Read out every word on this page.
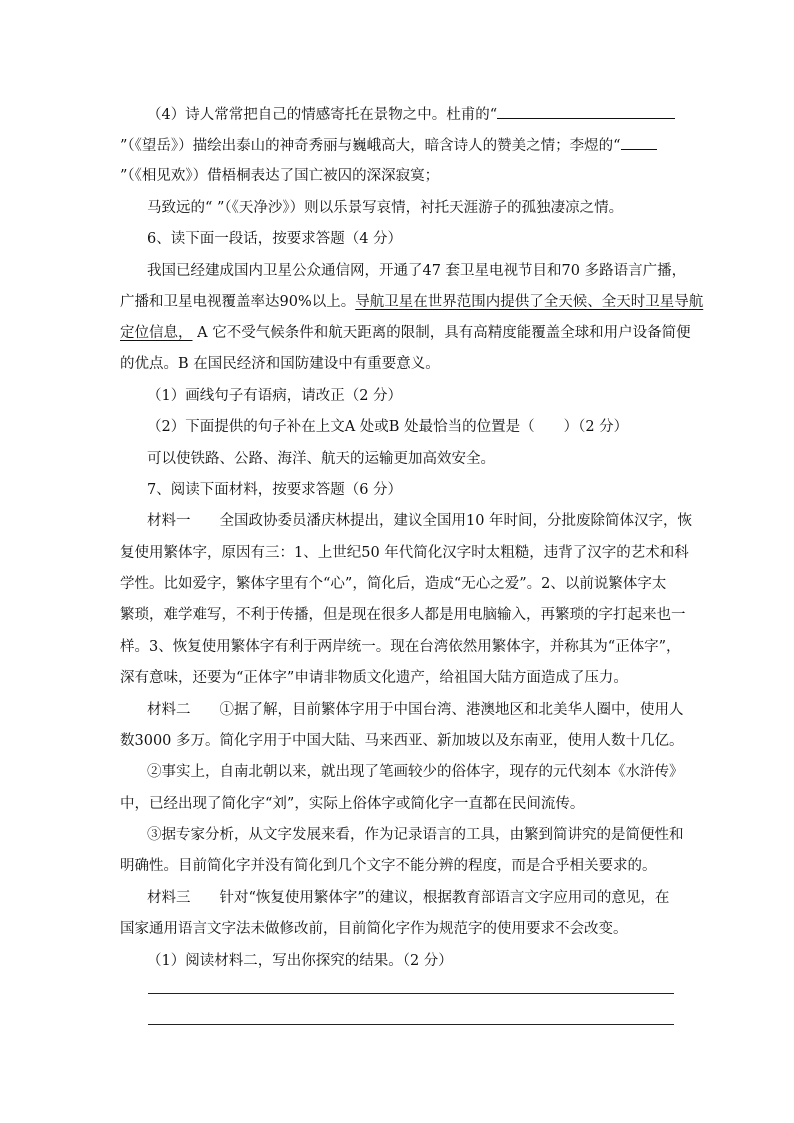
（4）诗人常常把自己的情感寄托在景物之中。杜甫的“
”（《望岳》）描绘出泰山的神奇秀丽与巍峨高大，暗含诗人的赞美之情；李煜的“
”（《相见欢》）借梧桐表达了国亡被囚的深深寂寞；
马致远的“ ”（《天净沙》）则以乐景写哀情，衬托天涯游子的孤独凄凉之情。
6、读下面一段话，按要求答题（4 分）
我国已经建成国内卫星公众通信网，开通了47 套卫星电视节目和70 多路语言广播，
广播和卫星电视覆盖率达90%以上。导航卫星在世界范围内提供了全天候、全天时卫星导航
定位信息， A 它不受气候条件和航天距离的限制，具有高精度能覆盖全球和用户设备简便
的优点。B 在国民经济和国防建设中有重要意义。
（1）画线句子有语病，请改正（2 分）
（2）下面提供的句子补在上文A 处或B 处最恰当的位置是（　　）（2 分）
可以使铁路、公路、海洋、航天的运输更加高效安全。
7、阅读下面材料，按要求答题（6 分）
材料一　　全国政协委员潘庆林提出，建议全国用10 年时间，分批废除简体汉字，恢
复使用繁体字，原因有三：1、上世纪50 年代简化汉字时太粗糙，违背了汉字的艺术和科
学性。比如爱字，繁体字里有个“心”，简化后，造成“无心之爱”。2、以前说繁体字太
繁琐，难学难写，不利于传播，但是现在很多人都是用电脑输入，再繁琐的字打起来也一
样。3、恢复使用繁体字有利于两岸统一。现在台湾依然用繁体字，并称其为“正体字”，
深有意味，还要为“正体字”申请非物质文化遗产，给祖国大陆方面造成了压力。
材料二　　①据了解，目前繁体字用于中国台湾、港澳地区和北美华人圈中，使用人
数3000 多万。简化字用于中国大陆、马来西亚、新加坡以及东南亚，使用人数十几亿。
②事实上，自南北朝以来，就出现了笔画较少的俗体字，现存的元代刻本《水浒传》
中，已经出现了简化字“刘”，实际上俗体字或简化字一直都在民间流传。
③据专家分析，从文字发展来看，作为记录语言的工具，由繁到简讲究的是简便性和
明确性。目前简化字并没有简化到几个文字不能分辨的程度，而是合乎相关要求的。
材料三　　针对“恢复使用繁体字”的建议，根据教育部语言文字应用司的意见，在
国家通用语言文字法未做修改前，目前简化字作为规范字的使用要求不会改变。
（1）阅读材料二，写出你探究的结果。（2 分）
